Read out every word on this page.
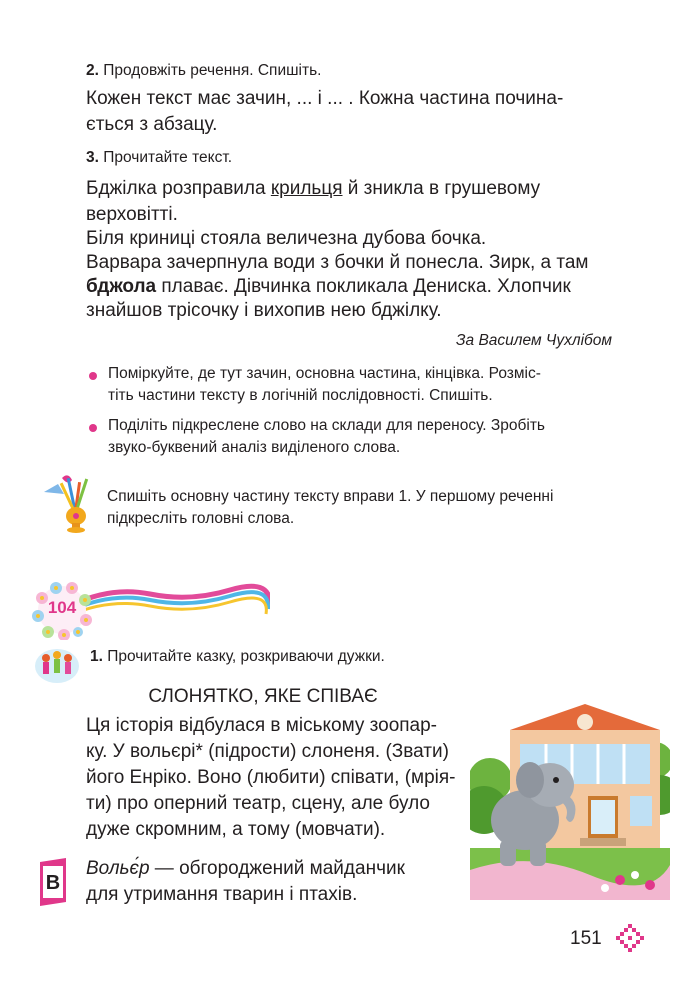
2. Продовжіть речення. Спишіть.
Кожен текст має зачин, ... і ... . Кожна частина почина-
ється з абзацу.
3. Прочитайте текст.
Бджілка розправила крильця й зникла в грушевому
верховітті.
Біля криниці стояла величезна дубова бочка.
Варвара зачерпнула води з бочки й понесла. Зирк, а там
бджола плаває. Дівчинка покликала Дениска. Хлопчик
знайшов трісочку і вихопив нею бджілку.
За Василем Чухлібом
Поміркуйте, де тут зачин, основна частина, кінцівка. Розміс-
тіть частини тексту в логічній послідовності. Спишіть.
Поділіть підкреслене слово на склади для переносу. Зробіть
звуко-буквений аналіз виділеного слова.
Спишіть основну частину тексту вправи 1. У першому реченні
підкресліть головні слова.
104
1. Прочитайте казку, розкриваючи дужки.
СЛОНЯТКО, ЯКЕ СПІВАЄ
Ця історія відбулася в міському зоопар-
ку. У вольєрі* (підрости) слоненя. (Звати)
його Енріко. Воно (любити) співати, (мрія-
ти) про оперний театр, сцену, але було
дуже скромним, а тому (мовчати).
В
Вольє́р — обгороджений майданчик
для утримання тварин і птахів.
151
